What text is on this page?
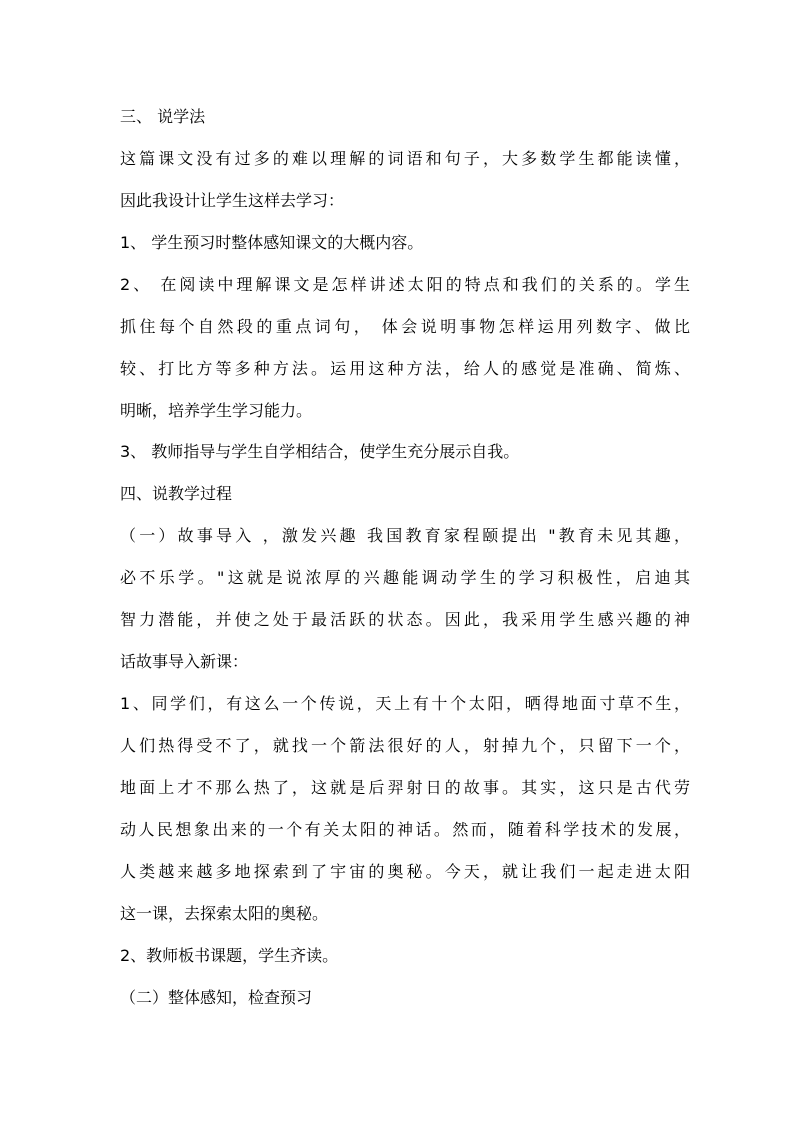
三、 说学法

这篇课文没有过多的难以理解的词语和句子，大多数学生都能读懂，

因此我设计让学生这样去学习：

1、 学生预习时整体感知课文的大概内容。

2、 在阅读中理解课文是怎样讲述太阳的特点和我们的关系的。学生

抓住每个自然段的重点词句， 体会说明事物怎样运用列数字、做比

较、打比方等多种方法。运用这种方法，给人的感觉是准确、简炼、

明晰，培养学生学习能力。

3、 教师指导与学生自学相结合，使学生充分展示自我。

四、说教学过程

（一）故事导入 ，激发兴趣 我国教育家程颐提出 "教育未见其趣，

必不乐学。"这就是说浓厚的兴趣能调动学生的学习积极性，启迪其

智力潜能，并使之处于最活跃的状态。因此，我采用学生感兴趣的神

话故事导入新课：

1、同学们，有这么一个传说，天上有十个太阳，晒得地面寸草不生，

人们热得受不了，就找一个箭法很好的人，射掉九个，只留下一个，

地面上才不那么热了，这就是后羿射日的故事。其实，这只是古代劳

动人民想象出来的一个有关太阳的神话。然而，随着科学技术的发展，

人类越来越多地探索到了宇宙的奥秘。今天，就让我们一起走进太阳

这一课，去探索太阳的奥秘。

2、教师板书课题，学生齐读。

（二）整体感知，检查预习
